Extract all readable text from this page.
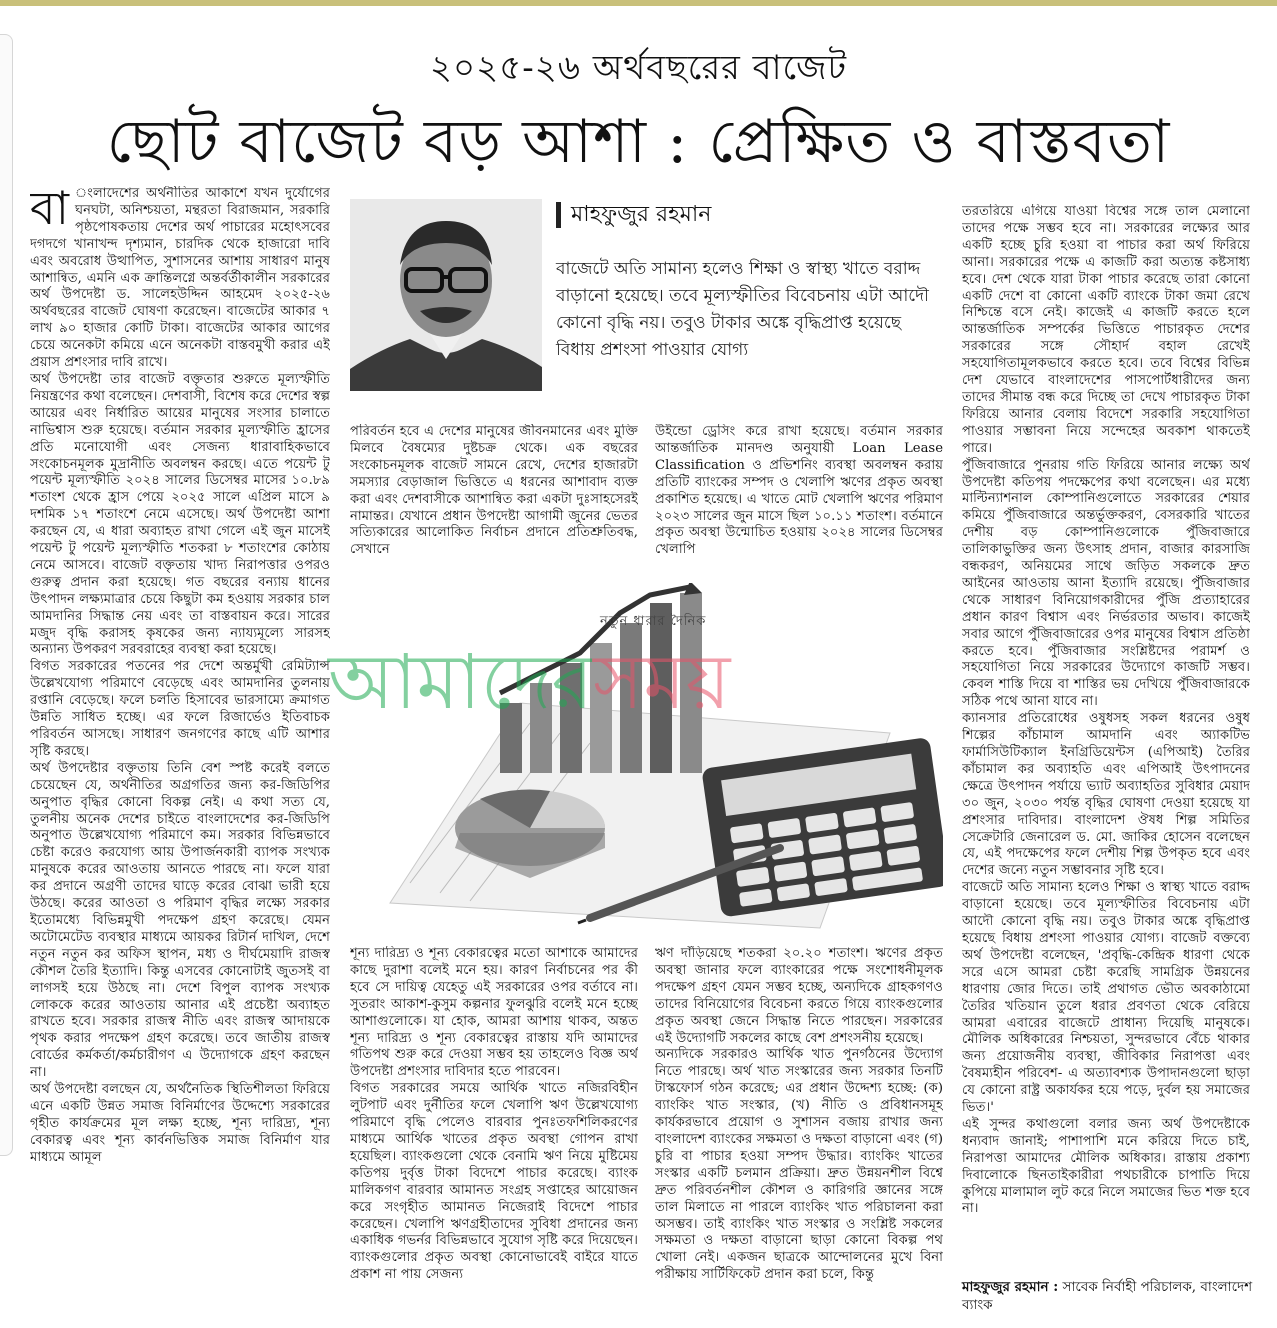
২০২৫-২৬ অর্থবছরের বাজেট
ছোট বাজেট বড় আশা : প্রেক্ষিত ও বাস্তবতা

বা ংলাদেশের অর্থনীতির আকাশে যখন দুর্যোগের ঘনঘটা, অনিশ্চয়তা, মন্থরতা বিরাজমান, সরকারি পৃষ্ঠপোষকতায় দেশের অর্থ পাচারের মহোৎসবের দগদগে খানাখন্দ দৃশ্যমান, চারদিক থেকে হাজারো দাবি এবং অবরোধ উত্থাপিত, সুশাসনের আশায় সাধারণ মানুষ আশান্বিত, এমনি এক ক্রান্তিলগ্নে অন্তর্বর্তীকালীন সরকারের অর্থ উপদেষ্টা ড. সালেহউদ্দিন আহমেদ ২০২৫-২৬ অর্থবছরের বাজেট ঘোষণা করেছেন। বাজেটের আকার ৭ লাখ ৯০ হাজার কোটি টাকা। বাজেটের আকার আগের চেয়ে অনেকটা কমিয়ে এনে অনেকটা বাস্তবমুখী করার এই প্রয়াস প্রশংসার দাবি রাখে।

অর্থ উপদেষ্টা তার বাজেট বক্তৃতার শুরুতে মূল্যস্ফীতি নিয়ন্ত্রণের কথা বলেছেন। দেশবাসী, বিশেষ করে দেশের স্বল্প আয়ের এবং নির্ধারিত আয়ের মানুষের সংসার চালাতে নাভিশ্বাস শুরু হয়েছে। বর্তমান সরকার মূল্যস্ফীতি হ্রাসের প্রতি মনোযোগী এবং সেজন্য ধারাবাহিকভাবে সংকোচনমূলক মুদ্রানীতি অবলম্বন করছে। এতে পয়েন্ট টু পয়েন্ট মূল্যস্ফীতি ২০২৪ সালের ডিসেম্বর মাসের ১০.৮৯ শতাংশ থেকে হ্রাস পেয়ে ২০২৫ সালে এপ্রিল মাসে ৯ দশমিক ১৭ শতাংশে নেমে এসেছে। অর্থ উপদেষ্টা আশা করছেন যে, এ ধারা অব্যাহত রাখা গেলে এই জুন মাসেই পয়েন্ট টু পয়েন্ট মূল্যস্ফীতি শতকরা ৮ শতাংশের কোঠায় নেমে আসবে। বাজেট বক্তৃতায় খাদ্য নিরাপত্তার ওপরও গুরুত্ব প্রদান করা হয়েছে। গত বছরের বন্যায় ধানের উৎপাদন লক্ষ্যমাত্রার চেয়ে কিছুটা কম হওয়ায় সরকার চাল আমদানির সিদ্ধান্ত নেয় এবং তা বাস্তবায়ন করে। সারের মজুদ বৃদ্ধি করাসহ কৃষকের জন্য ন্যায্যমূল্যে সারসহ অন্যান্য উপকরণ সরবরাহের ব্যবস্থা করা হয়েছে।

বিগত সরকারের পতনের পর দেশে অন্তর্মুখী রেমিট্যান্স উল্লেখযোগ্য পরিমাণে বেড়েছে এবং আমদানির তুলনায় রপ্তানি বেড়েছে। ফলে চলতি হিসাবের ভারসাম্যে ক্রমাগত উন্নতি সাধিত হচ্ছে। এর ফলে রিজার্ভেও ইতিবাচক পরিবর্তন আসছে। সাধারণ জনগণের কাছে এটি আশার সৃষ্টি করছে।

অর্থ উপদেষ্টার বক্তৃতায় তিনি বেশ স্পষ্ট করেই বলতে চেয়েছেন যে, অর্থনীতির অগ্রগতির জন্য কর-জিডিপির অনুপাত বৃদ্ধির কোনো বিকল্প নেই। এ কথা সত্য যে, তুলনীয় অনেক দেশের চাইতে বাংলাদেশের কর-জিডিপি অনুপাত উল্লেখযোগ্য পরিমাণে কম। সরকার বিভিন্নভাবে চেষ্টা করেও করযোগ্য আয় উপার্জনকারী ব্যাপক সংখ্যক মানুষকে করের আওতায় আনতে পারছে না। ফলে যারা কর প্রদানে অগ্রণী তাদের ঘাড়ে করের বোঝা ভারী হয়ে উঠছে। করের আওতা ও পরিমাণ বৃদ্ধির লক্ষ্যে সরকার ইতোমধ্যে বিভিন্নমুখী পদক্ষেপ গ্রহণ করেছে। যেমন অটোমেটেড ব্যবস্থার মাধ্যমে আয়কর রিটার্ন দাখিল, দেশে নতুন নতুন কর অফিস স্থাপন, মধ্য ও দীর্ঘমেয়াদি রাজস্ব কৌশল তৈরি ইত্যাদি। কিন্তু এসবের কোনোটাই জুতসই বা লাগসই হয়ে উঠছে না। দেশে বিপুল ব্যাপক সংখ্যক লোককে করের আওতায় আনার এই প্রচেষ্টা অব্যাহত রাখতে হবে। সরকার রাজস্ব নীতি এবং রাজস্ব আদায়কে পৃথক করার পদক্ষেপ গ্রহণ করেছে। তবে জাতীয় রাজস্ব বোর্ডের কর্মকর্তা/কর্মচারীগণ এ উদ্যোগকে গ্রহণ করছেন না।

অর্থ উপদেষ্টা বলছেন যে, অর্থনৈতিক স্থিতিশীলতা ফিরিয়ে এনে একটি উন্নত সমাজ বিনির্মাণের উদ্দেশ্যে সরকারের গৃহীত কার্যক্রমের মূল লক্ষ্য হচ্ছে, শূন্য দারিদ্র্য, শূন্য বেকারত্ব এবং শূন্য কার্বনভিত্তিক সমাজ বিনির্মাণ যার মাধ্যমে আমূল

মাহফুজুর রহমান
বাজেটে অতি সামান্য হলেও শিক্ষা ও স্বাস্থ্য খাতে বরাদ্দ বাড়ানো হয়েছে। তবে মূল্যস্ফীতির বিবেচনায় এটা আদৌ কোনো বৃদ্ধি নয়। তবুও টাকার অঙ্কে বৃদ্ধিপ্রাপ্ত হয়েছে বিধায় প্রশংসা পাওয়ার যোগ্য

পরিবর্তন হবে এ দেশের মানুষের জীবনমানের এবং মুক্তি মিলবে বৈষম্যের দুষ্টচক্র থেকে। এক বছরের সংকোচনমূলক বাজেট সামনে রেখে, দেশের হাজারটা সমস্যার বেড়াজাল ভিত্তিতে এ ধরনের আশাবাদ ব্যক্ত করা এবং দেশবাসীকে আশান্বিত করা একটা দুঃসাহসেরই নামান্তর। যেখানে প্রধান উপদেষ্টা আগামী জুনের ভেতর সত্যিকারের আলোকিত নির্বাচন প্রদানে প্রতিশ্রুতিবদ্ধ, সেখানে

উইন্ডো ড্রেসিং করে রাখা হয়েছে। বর্তমান সরকার আন্তর্জাতিক মানদণ্ড অনুযায়ী Loan Lease Classification ও প্রভিশনিং ব্যবস্থা অবলম্বন করায় প্রতিটি ব্যাংকের সম্পদ ও খেলাপি ঋণের প্রকৃত অবস্থা প্রকাশিত হয়েছে। এ খাতে মোট খেলাপি ঋণের পরিমাণ ২০২৩ সালের জুন মাসে ছিল ১০.১১ শতাংশ। বর্তমানে প্রকৃত অবস্থা উন্মোচিত হওয়ায় ২০২৪ সালের ডিসেম্বর খেলাপি

নতুন ধারার দৈনিক
আমাদেরসময়

শূন্য দারিদ্র্য ও শূন্য বেকারত্বের মতো আশাকে আমাদের কাছে দুরাশা বলেই মনে হয়। কারণ নির্বাচনের পর কী হবে সে দায়িত্ব যেহেতু এই সরকারের ওপর বর্তাবে না। সুতরাং আকাশ-কুসুম কল্পনার ফুলঝুরি বলেই মনে হচ্ছে আশাগুলোকে। যা হোক, আমরা আশায় থাকব, অন্তত শূন্য দারিদ্র্য ও শূন্য বেকারত্বের রাস্তায় যদি আমাদের গতিপথ শুরু করে দেওয়া সম্ভব হয় তাহলেও বিজ্ঞ অর্থ উপদেষ্টা প্রশংসার দাবিদার হতে পারবেন।

বিগত সরকারের সময়ে আর্থিক খাতে নজিরবিহীন লুটপাট এবং দুর্নীতির ফলে খেলাপি ঋণ উল্লেখযোগ্য পরিমাণে বৃদ্ধি পেলেও বারবার পুনঃতফশিলিকরণের মাধ্যমে আর্থিক খাতের প্রকৃত অবস্থা গোপন রাখা হয়েছিল। ব্যাংকগুলো থেকে বেনামি ঋণ নিয়ে মুষ্টিমেয় কতিপয় দুর্বৃত্ত টাকা বিদেশে পাচার করেছে। ব্যাংক মালিকগণ বারবার আমানত সংগ্রহ সপ্তাহের আয়োজন করে সংগৃহীত আমানত নিজেরাই বিদেশে পাচার করেছেন। খেলাপি ঋণগ্রহীতাদের সুবিধা প্রদানের জন্য একাধিক গভর্নর বিভিন্নভাবে সুযোগ সৃষ্টি করে দিয়েছেন। ব্যাংকগুলোর প্রকৃত অবস্থা কোনোভাবেই বাইরে যাতে প্রকাশ না পায় সেজন্য

ঋণ দাঁড়িয়েছে শতকরা ২০.২০ শতাংশ। ঋণের প্রকৃত অবস্থা জানার ফলে ব্যাংকারের পক্ষে সংশোধনীমূলক পদক্ষেপ গ্রহণ যেমন সম্ভব হচ্ছে, অন্যদিকে গ্রাহকগণও তাদের বিনিয়োগের বিবেচনা করতে গিয়ে ব্যাংকগুলোর প্রকৃত অবস্থা জেনে সিদ্ধান্ত নিতে পারছেন। সরকারের এই উদ্যোগটি সকলের কাছে বেশ প্রশংসনীয় হয়েছে।

অন্যদিকে সরকারও আর্থিক খাত পুনর্গঠনের উদ্যোগ নিতে পারছে। অর্থ খাত সংস্কারের জন্য সরকার তিনটি টাস্কফোর্স গঠন করেছে; এর প্রধান উদ্দেশ্য হচ্ছে: (ক) ব্যাংকিং খাত সংস্কার, (খ) নীতি ও প্রবিধানসমূহ কার্যকরভাবে প্রয়োগ ও সুশাসন বজায় রাখার জন্য বাংলাদেশ ব্যাংকের সক্ষমতা ও দক্ষতা বাড়ানো এবং (গ) চুরি বা পাচার হওয়া সম্পদ উদ্ধার। ব্যাংকিং খাতের সংস্কার একটি চলমান প্রক্রিয়া। দ্রুত উন্নয়নশীল বিশ্বে দ্রুত পরিবর্তনশীল কৌশল ও কারিগরি জ্ঞানের সঙ্গে তাল মিলাতে না পারলে ব্যাংকিং খাত পরিচালনা করা অসম্ভব। তাই ব্যাংকিং খাত সংস্কার ও সংশ্লিষ্ট সকলের সক্ষমতা ও দক্ষতা বাড়ানো ছাড়া কোনো বিকল্প পথ খোলা নেই। একজন ছাত্রকে আন্দোলনের মুখে বিনা পরীক্ষায় সার্টিফিকেট প্রদান করা চলে, কিন্তু

তরতরিয়ে এগিয়ে যাওয়া বিশ্বের সঙ্গে তাল মেলানো তাদের পক্ষে সম্ভব হবে না। সরকারের লক্ষ্যের আর একটি হচ্ছে চুরি হওয়া বা পাচার করা অর্থ ফিরিয়ে আনা। সরকারের পক্ষে এ কাজটি করা অত্যন্ত কষ্টসাধ্য হবে। দেশ থেকে যারা টাকা পাচার করেছে তারা কোনো একটি দেশে বা কোনো একটি ব্যাংকে টাকা জমা রেখে নিশ্চিন্তে বসে নেই। কাজেই এ কাজটি করতে হলে আন্তর্জাতিক সম্পর্কের ভিত্তিতে পাচারকৃত দেশের সরকারের সঙ্গে সৌহার্দ বহাল রেখেই সহযোগিতামূলকভাবে করতে হবে। তবে বিশ্বের বিভিন্ন দেশ যেভাবে বাংলাদেশের পাসপোর্টধারীদের জন্য তাদের সীমান্ত বন্ধ করে দিচ্ছে তা দেখে পাচারকৃত টাকা ফিরিয়ে আনার বেলায় বিদেশে সরকারি সহযোগিতা পাওয়ার সম্ভাবনা নিয়ে সন্দেহের অবকাশ থাকতেই পারে।

পুঁজিবাজারে পুনরায় গতি ফিরিয়ে আনার লক্ষ্যে অর্থ উপদেষ্টা কতিপয় পদক্ষেপের কথা বলেছেন। এর মধ্যে মাল্টিন্যাশনাল কোম্পানিগুলোতে সরকারের শেয়ার কমিয়ে পুঁজিবাজারে অন্তর্ভুক্তকরণ, বেসরকারি খাতের দেশীয় বড় কোম্পানিগুলোকে পুঁজিবাজারে তালিকাভুক্তির জন্য উৎসাহ প্রদান, বাজার কারসাজি বন্ধকরণ, অনিয়মের সাথে জড়িত সকলকে দ্রুত আইনের আওতায় আনা ইত্যাদি রয়েছে। পুঁজিবাজার থেকে সাধারণ বিনিয়োগকারীদের পুঁজি প্রত্যাহারের প্রধান কারণ বিশ্বাস এবং নির্ভরতার অভাব। কাজেই সবার আগে পুঁজিবাজারের ওপর মানুষের বিশ্বাস প্রতিষ্ঠা করতে হবে। পুঁজিবাজার সংশ্লিষ্টদের পরামর্শ ও সহযোগিতা নিয়ে সরকারের উদ্যোগে কাজটি সম্ভব। কেবল শাস্তি দিয়ে বা শাস্তির ভয় দেখিয়ে পুঁজিবাজারকে সঠিক পথে আনা যাবে না।

ক্যানসার প্রতিরোধের ওষুধসহ সকল ধরনের ওষুধ শিল্পের কাঁচামাল আমদানি এবং অ্যাকটিভ ফার্মাসিউটিক্যাল ইনগ্রিডিয়েন্টস (এপিআই) তৈরির কাঁচামাল কর অব্যাহতি এবং এপিআই উৎপাদনের ক্ষেত্রে উৎপাদন পর্যায়ে ভ্যাট অব্যাহতির সুবিধার মেয়াদ ৩০ জুন, ২০৩০ পর্যন্ত বৃদ্ধির ঘোষণা দেওয়া হয়েছে যা প্রশংসার দাবিদার। বাংলাদেশ ঔষধ শিল্প সমিতির সেক্রেটারি জেনারেল ড. মো. জাকির হোসেন বলেছেন যে, এই পদক্ষেপের ফলে দেশীয় শিল্প উপকৃত হবে এবং দেশের জন্যে নতুন সম্ভাবনার সৃষ্টি হবে।

বাজেটে অতি সামান্য হলেও শিক্ষা ও স্বাস্থ্য খাতে বরাদ্দ বাড়ানো হয়েছে। তবে মূল্যস্ফীতির বিবেচনায় এটা আদৌ কোনো বৃদ্ধি নয়। তবুও টাকার অঙ্কে বৃদ্ধিপ্রাপ্ত হয়েছে বিধায় প্রশংসা পাওয়ার যোগ্য। বাজেট বক্তব্যে অর্থ উপদেষ্টা বলেছেন, 'প্রবৃদ্ধি-কেন্দ্রিক ধারণা থেকে সরে এসে আমরা চেষ্টা করেছি সামগ্রিক উন্নয়নের ধারণায় জোর দিতে। তাই প্রথাগত ভৌত অবকাঠামো তৈরির খতিয়ান তুলে ধরার প্রবণতা থেকে বেরিয়ে আমরা এবারের বাজেটে প্রাধান্য দিয়েছি মানুষকে। মৌলিক অধিকারের নিশ্চয়তা, সুন্দরভাবে বেঁচে থাকার জন্য প্রয়োজনীয় ব্যবস্থা, জীবিকার নিরাপত্তা এবং বৈষম্যহীন পরিবেশ- এ অত্যাবশ্যক উপাদানগুলো ছাড়া যে কোনো রাষ্ট্র অকার্যকর হয়ে পড়ে, দুর্বল হয় সমাজের ভিত।'

এই সুন্দর কথাগুলো বলার জন্য অর্থ উপদেষ্টাকে ধন্যবাদ জানাই; পাশাপাশি মনে করিয়ে দিতে চাই, নিরাপত্তা আমাদের মৌলিক অধিকার। রাস্তায় প্রকাশ্য দিবালোকে ছিনতাইকারীরা পথচারীকে চাপাতি দিয়ে কুপিয়ে মালামাল লুট করে নিলে সমাজের ভিত শক্ত হবে না।

মাহফুজুর রহমান : সাবেক নির্বাহী পরিচালক, বাংলাদেশ ব্যাংক
